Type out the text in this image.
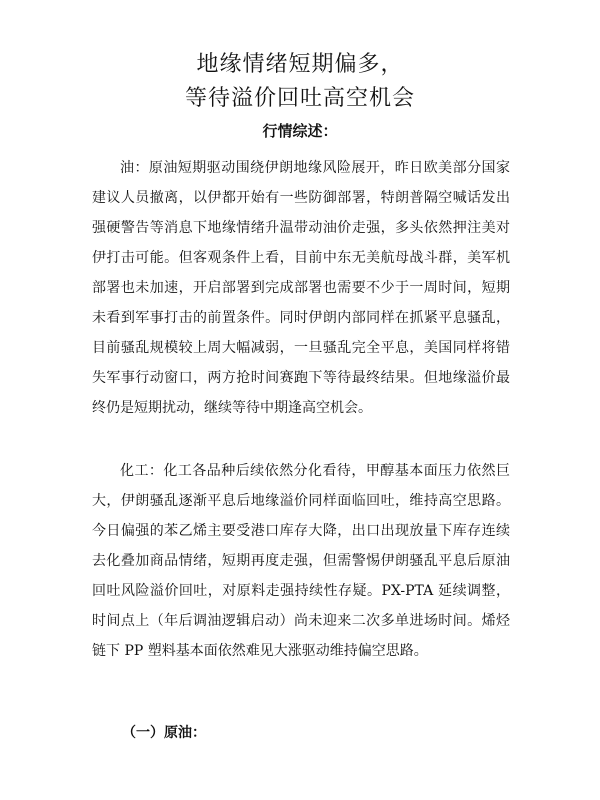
地缘情绪短期偏多，
等待溢价回吐高空机会
行情综述：

油：原油短期驱动围绕伊朗地缘风险展开，昨日欧美部分国家建议人员撤离，以伊都开始有一些防御部署，特朗普隔空喊话发出强硬警告等消息下地缘情绪升温带动油价走强，多头依然押注美对伊打击可能。但客观条件上看，目前中东无美航母战斗群，美军机部署也未加速，开启部署到完成部署也需要不少于一周时间，短期未看到军事打击的前置条件。同时伊朗内部同样在抓紧平息骚乱，目前骚乱规模较上周大幅减弱，一旦骚乱完全平息，美国同样将错失军事行动窗口，两方抢时间赛跑下等待最终结果。但地缘溢价最终仍是短期扰动，继续等待中期逢高空机会。

化工：化工各品种后续依然分化看待，甲醇基本面压力依然巨大，伊朗骚乱逐渐平息后地缘溢价同样面临回吐，维持高空思路。今日偏强的苯乙烯主要受港口库存大降，出口出现放量下库存连续去化叠加商品情绪，短期再度走强，但需警惕伊朗骚乱平息后原油回吐风险溢价回吐，对原料走强持续性存疑。PX-PTA 延续调整，时间点上（年后调油逻辑启动）尚未迎来二次多单进场时间。烯烃链下 PP 塑料基本面依然难见大涨驱动维持偏空思路。

（一）原油：
